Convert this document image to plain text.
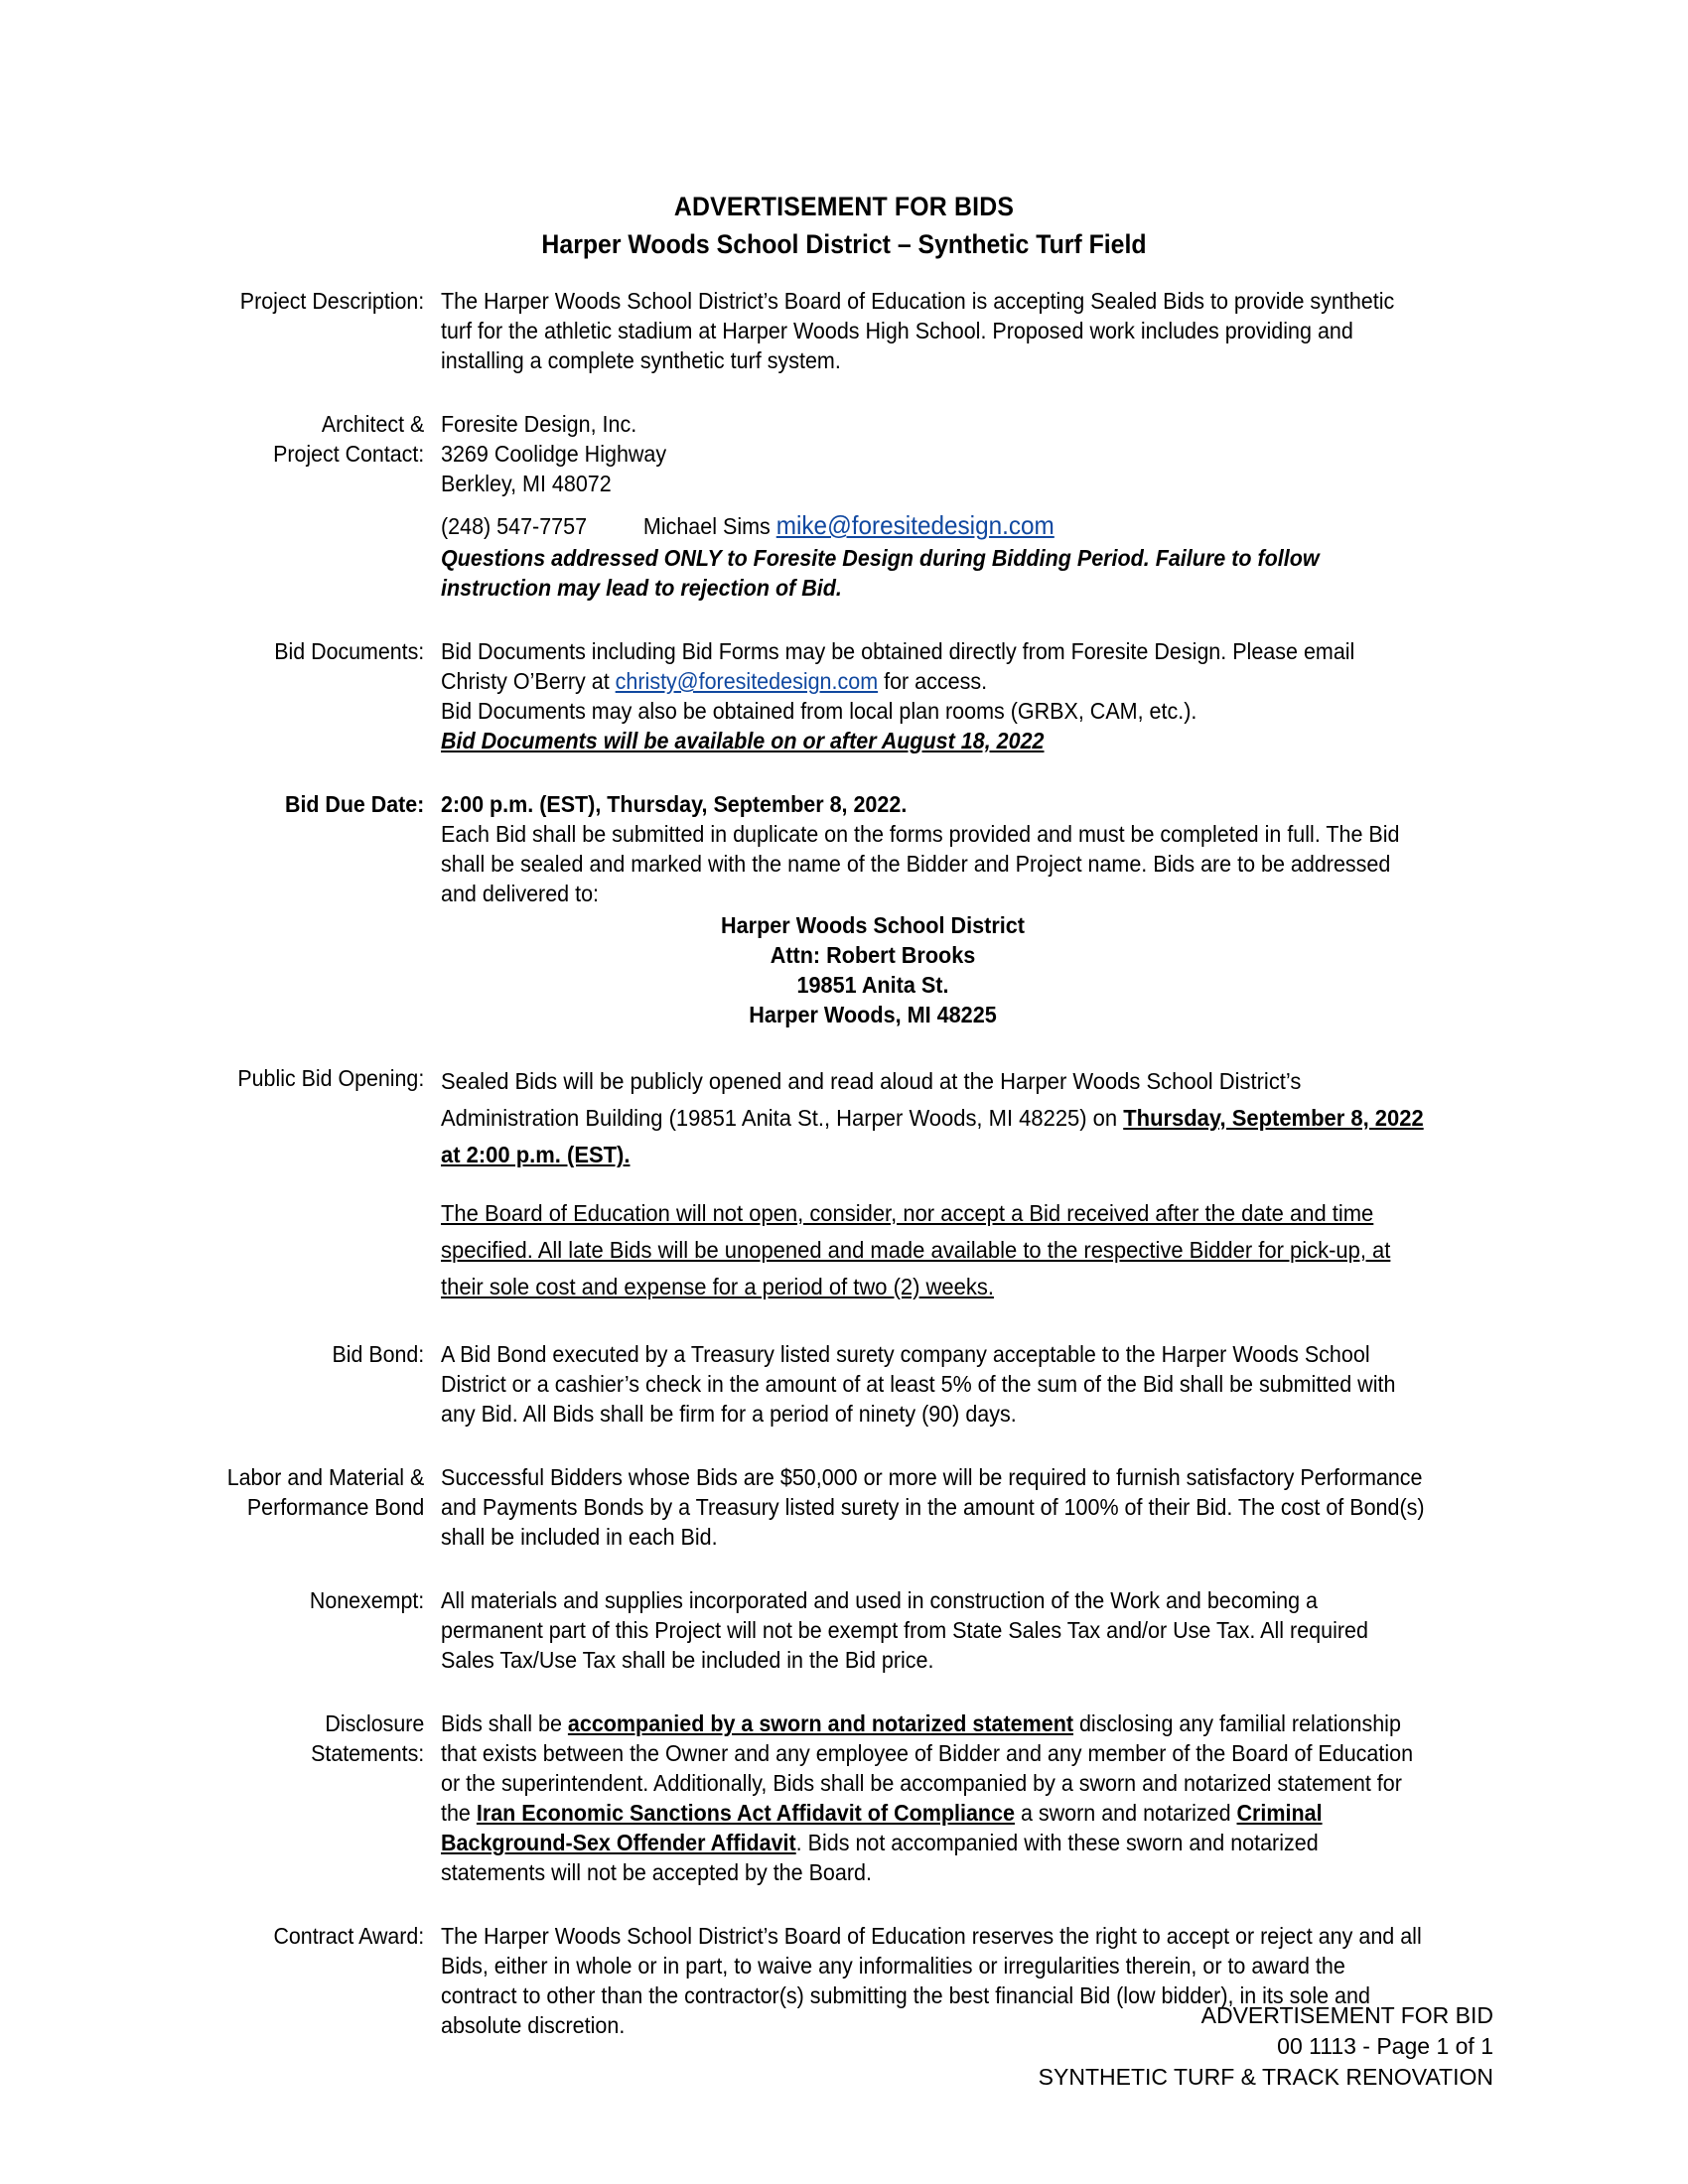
ADVERTISEMENT FOR BIDS
Harper Woods School District – Synthetic Turf Field
Project Description: The Harper Woods School District’s Board of Education is accepting Sealed Bids to provide synthetic turf for the athletic stadium at Harper Woods High School. Proposed work includes providing and installing a complete synthetic turf system.

Architect &
Project Contact:
Foresite Design, Inc.
3269 Coolidge Highway
Berkley, MI 48072
(248) 547-7757 Michael Sims mike@foresitedesign.com

Questions addressed ONLY to Foresite Design during Bidding Period. Failure to follow instruction may lead to rejection of Bid.

Bid Documents: Bid Documents including Bid Forms may be obtained directly from Foresite Design. Please email Christy O’Berry at christy@foresitedesign.com for access.

Bid Documents may also be obtained from local plan rooms (GRBX, CAM, etc.).

Bid Documents will be available on or after August 18, 2022

Bid Due Date: 2:00 p.m. (EST), Thursday, September 8, 2022.

Each Bid shall be submitted in duplicate on the forms provided and must be completed in full. The Bid shall be sealed and marked with the name of the Bidder and Project name. Bids are to be addressed and delivered to:

Harper Woods School District
Attn: Robert Brooks
19851 Anita St.
Harper Woods, MI 48225
Public Bid Opening: Sealed Bids will be publicly opened and read aloud at the Harper Woods School District’s Administration Building (19851 Anita St., Harper Woods, MI 48225) on Thursday, September 8, 2022 at 2:00 p.m. (EST).

The Board of Education will not open, consider, nor accept a Bid received after the date and time specified. All late Bids will be unopened and made available to the respective Bidder for pick-up, at their sole cost and expense for a period of two (2) weeks.

Bid Bond: A Bid Bond executed by a Treasury listed surety company acceptable to the Harper Woods School District or a cashier’s check in the amount of at least 5% of the sum of the Bid shall be submitted with any Bid. All Bids shall be firm for a period of ninety (90) days.

Labor and Material &
Performance Bond

Successful Bidders whose Bids are $50,000 or more will be required to furnish satisfactory Performance and Payments Bonds by a Treasury listed surety in the amount of 100% of their Bid. The cost of Bond(s) shall be included in each Bid.

Nonexempt: All materials and supplies incorporated and used in construction of the Work and becoming a permanent part of this Project will not be exempt from State Sales Tax and/or Use Tax. All required Sales Tax/Use Tax shall be included in the Bid price.

Disclosure Statements:

Bids shall be accompanied by a sworn and notarized statement disclosing any familial relationship that exists between the Owner and any employee of Bidder and any member of the Board of Education or the superintendent. Additionally, Bids shall be accompanied by a sworn and notarized statement for the Iran Economic Sanctions Act Affidavit of Compliance a sworn and notarized Criminal Background-Sex Offender Affidavit. Bids not accompanied with these sworn and notarized statements will not be accepted by the Board.

Contract Award: The Harper Woods School District’s Board of Education reserves the right to accept or reject any and all Bids, either in whole or in part, to waive any informalities or irregularities therein, or to award the contract to other than the contractor(s) submitting the best financial Bid (low bidder), in its sole and absolute discretion.	ADVERTISEMENT FOR BID
00 1113 - Page 1 of 1
SYNTHETIC TURF & TRACK RENOVATION
